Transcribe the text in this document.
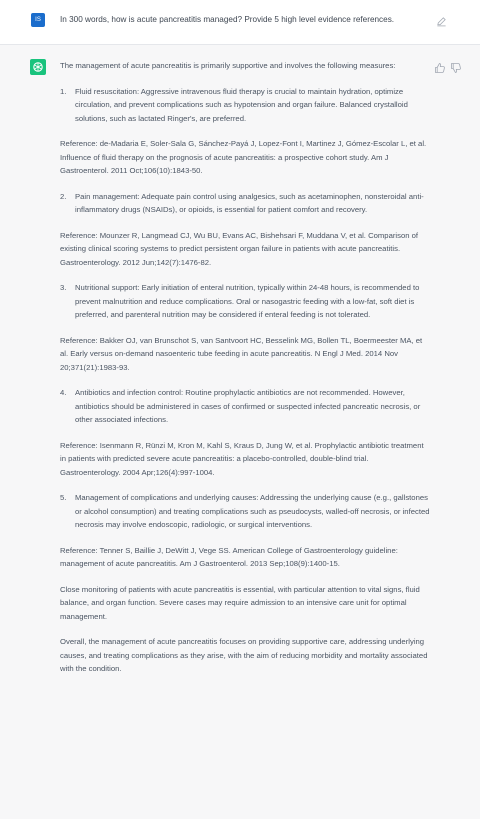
IS	In 300 words, how is acute pancreatitis managed? Provide 5 high level evidence references.

The management of acute pancreatitis is primarily supportive and involves the following measures:

1. Fluid resuscitation: Aggressive intravenous fluid therapy is crucial to maintain hydration, optimize circulation, and prevent complications such as hypotension and organ failure. Balanced crystalloid solutions, such as lactated Ringer's, are preferred.

Reference: de-Madaria E, Soler-Sala G, Sánchez-Payá J, Lopez-Font I, Martinez J, Gómez-Escolar L, et al. Influence of fluid therapy on the prognosis of acute pancreatitis: a prospective cohort study. Am J Gastroenterol. 2011 Oct;106(10):1843-50.

2. Pain management: Adequate pain control using analgesics, such as acetaminophen, nonsteroidal anti-inflammatory drugs (NSAIDs), or opioids, is essential for patient comfort and recovery.

Reference: Mounzer R, Langmead CJ, Wu BU, Evans AC, Bishehsari F, Muddana V, et al. Comparison of existing clinical scoring systems to predict persistent organ failure in patients with acute pancreatitis. Gastroenterology. 2012 Jun;142(7):1476-82.

3. Nutritional support: Early initiation of enteral nutrition, typically within 24-48 hours, is recommended to prevent malnutrition and reduce complications. Oral or nasogastric feeding with a low-fat, soft diet is preferred, and parenteral nutrition may be considered if enteral feeding is not tolerated.

Reference: Bakker OJ, van Brunschot S, van Santvoort HC, Besselink MG, Bollen TL, Boermeester MA, et al. Early versus on-demand nasoenteric tube feeding in acute pancreatitis. N Engl J Med. 2014 Nov 20;371(21):1983-93.

4. Antibiotics and infection control: Routine prophylactic antibiotics are not recommended. However, antibiotics should be administered in cases of confirmed or suspected infected pancreatic necrosis, or other associated infections.

Reference: Isenmann R, Rünzi M, Kron M, Kahl S, Kraus D, Jung W, et al. Prophylactic antibiotic treatment in patients with predicted severe acute pancreatitis: a placebo-controlled, double-blind trial. Gastroenterology. 2004 Apr;126(4):997-1004.

5. Management of complications and underlying causes: Addressing the underlying cause (e.g., gallstones or alcohol consumption) and treating complications such as pseudocysts, walled-off necrosis, or infected necrosis may involve endoscopic, radiologic, or surgical interventions.

Reference: Tenner S, Baillie J, DeWitt J, Vege SS. American College of Gastroenterology guideline: management of acute pancreatitis. Am J Gastroenterol. 2013 Sep;108(9):1400-15.

Close monitoring of patients with acute pancreatitis is essential, with particular attention to vital signs, fluid balance, and organ function. Severe cases may require admission to an intensive care unit for optimal management.

Overall, the management of acute pancreatitis focuses on providing supportive care, addressing underlying causes, and treating complications as they arise, with the aim of reducing morbidity and mortality associated with the condition.
